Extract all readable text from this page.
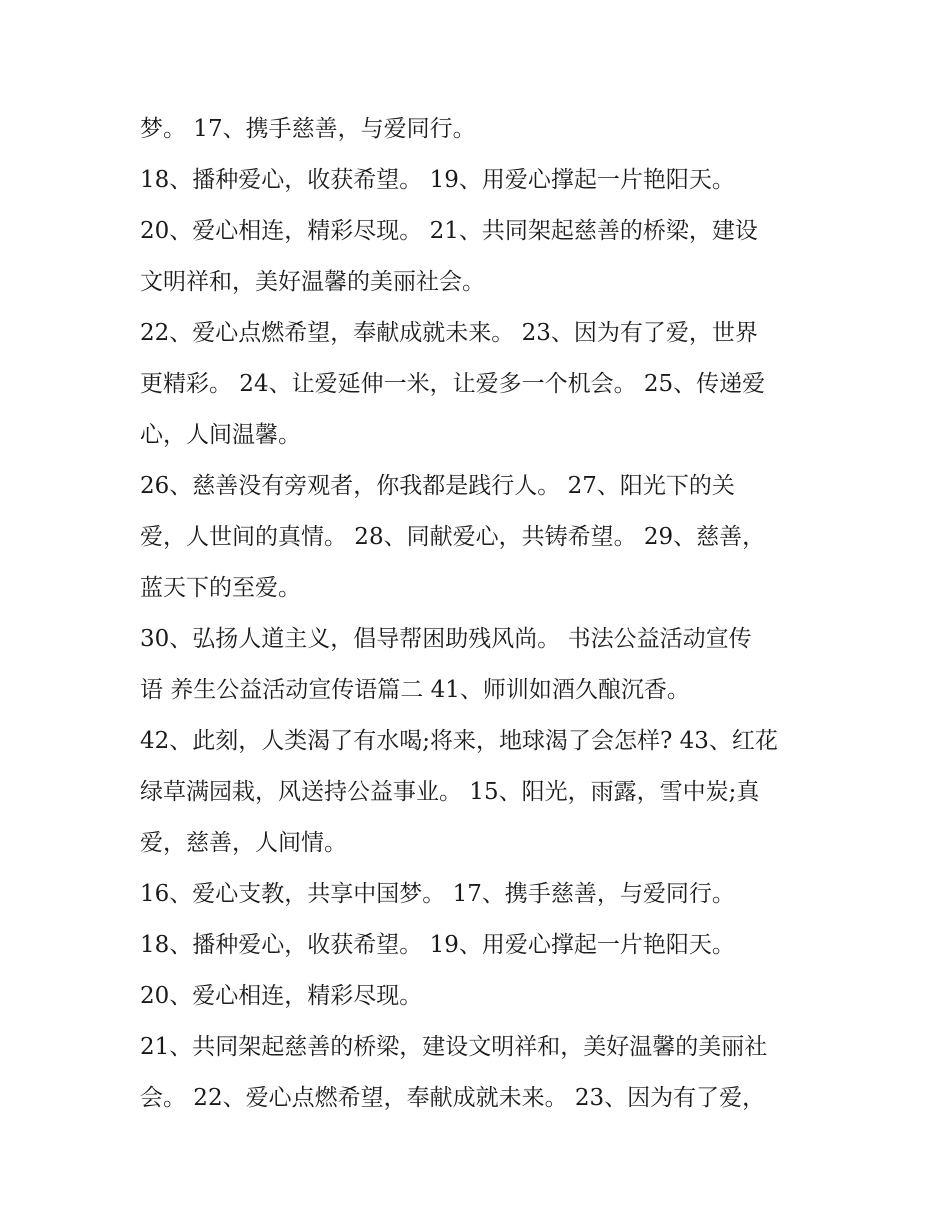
梦。 17、携手慈善，与爱同行。
18、播种爱心，收获希望。 19、用爱心撑起一片艳阳天。
20、爱心相连，精彩尽现。 21、共同架起慈善的桥梁，建设
文明祥和，美好温馨的美丽社会。
22、爱心点燃希望，奉献成就未来。 23、因为有了爱，世界
更精彩。 24、让爱延伸一米，让爱多一个机会。 25、传递爱
心，人间温馨。
26、慈善没有旁观者，你我都是践行人。 27、阳光下的关
爱，人世间的真情。 28、同献爱心，共铸希望。 29、慈善，
蓝天下的至爱。
30、弘扬人道主义，倡导帮困助残风尚。 书法公益活动宣传
语 养生公益活动宣传语篇二 41、师训如酒久酿沉香。
42、此刻，人类渴了有水喝;将来，地球渴了会怎样? 43、红花
绿草满园栽，风送持公益事业。 15、阳光，雨露，雪中炭;真
爱，慈善，人间情。
16、爱心支教，共享中国梦。 17、携手慈善，与爱同行。
18、播种爱心，收获希望。 19、用爱心撑起一片艳阳天。
20、爱心相连，精彩尽现。
21、共同架起慈善的桥梁，建设文明祥和，美好温馨的美丽社
会。 22、爱心点燃希望，奉献成就未来。 23、因为有了爱，
